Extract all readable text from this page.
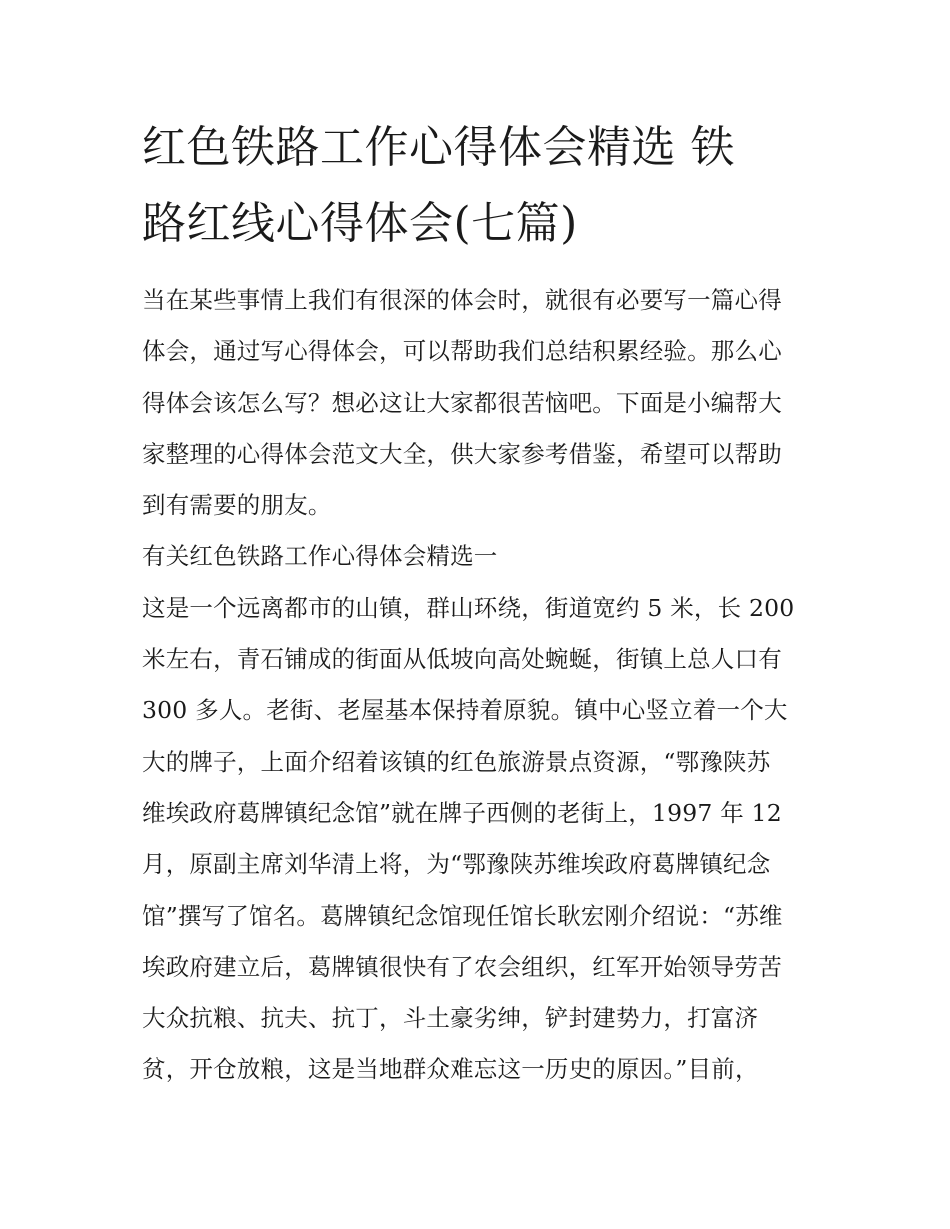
红色铁路工作心得体会精选 铁
路红线心得体会(七篇)
当在某些事情上我们有很深的体会时，就很有必要写一篇心得
体会，通过写心得体会，可以帮助我们总结积累经验。那么心
得体会该怎么写？想必这让大家都很苦恼吧。下面是小编帮大
家整理的心得体会范文大全，供大家参考借鉴，希望可以帮助
到有需要的朋友。
有关红色铁路工作心得体会精选一
这是一个远离都市的山镇，群山环绕，街道宽约 5 米，长 200
米左右，青石铺成的街面从低坡向高处蜿蜒，街镇上总人口有
300 多人。老街、老屋基本保持着原貌。镇中心竖立着一个大
大的牌子，上面介绍着该镇的红色旅游景点资源，“鄂豫陕苏
维埃政府葛牌镇纪念馆”就在牌子西侧的老街上，1997 年 12
月，原副主席刘华清上将，为“鄂豫陕苏维埃政府葛牌镇纪念
馆”撰写了馆名。葛牌镇纪念馆现任馆长耿宏刚介绍说：“苏维
埃政府建立后，葛牌镇很快有了农会组织，红军开始领导劳苦
大众抗粮、抗夫、抗丁，斗土豪劣绅，铲封建势力，打富济
贫，开仓放粮，这是当地群众难忘这一历史的原因。”目前，
